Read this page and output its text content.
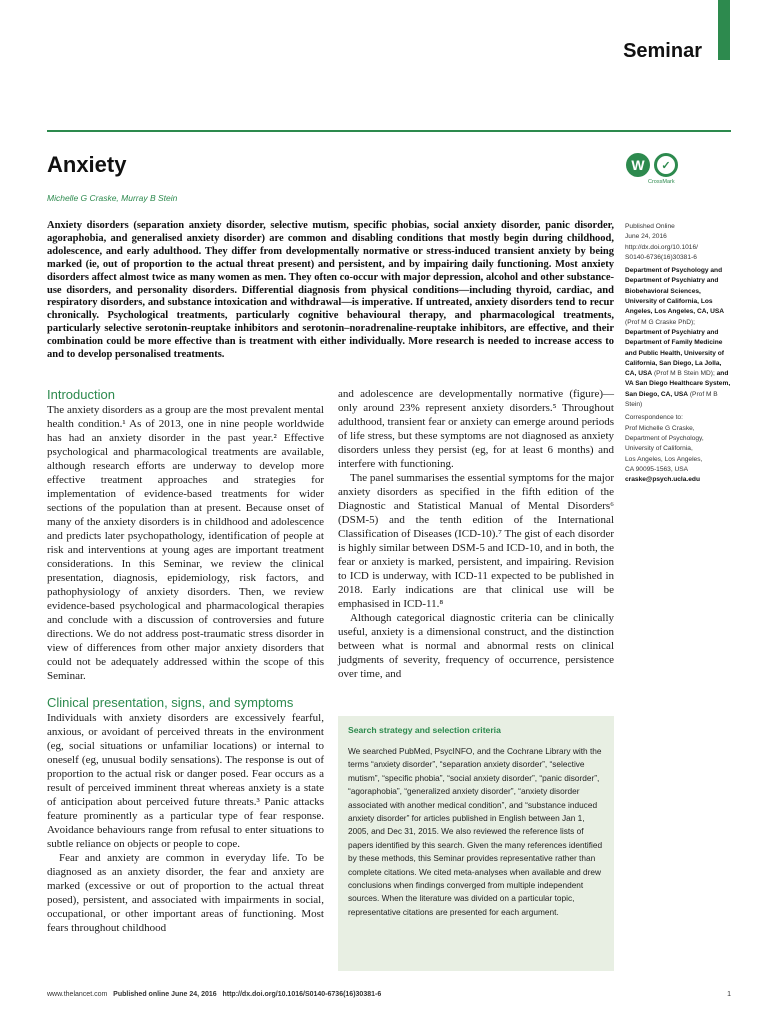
Seminar
Anxiety	W	✓
CrossMark
Michelle G Craske, Murray B Stein

Anxiety disorders (separation anxiety disorder, selective mutism, specific phobias, social anxiety disorder, panic disorder, agoraphobia, and generalised anxiety disorder) are common and disabling conditions that mostly begin during childhood, adolescence, and early adulthood. They differ from developmentally normative or stress-induced transient anxiety by being marked (ie, out of proportion to the actual threat present) and persistent, and by impairing daily functioning. Most anxiety disorders affect almost twice as many women as men. They often co-occur with major depression, alcohol and other substance-use disorders, and personality disorders. Differential diagnosis from physical conditions—including thyroid, cardiac, and respiratory disorders, and substance intoxication and withdrawal—is imperative. If untreated, anxiety disorders tend to recur chronically. Psychological treatments, particularly cognitive behavioural therapy, and pharmacological treatments, particularly selective serotonin-reuptake inhibitors and serotonin–noradrenaline-reuptake inhibitors, are effective, and their combination could be more effective than is treatment with either individually. More research is needed to increase access to and to develop personalised treatments.

Published Online
June 24, 2016
http://dx.doi.org/10.1016/
S0140-6736(16)30381-6
Department of Psychology and Department of Psychiatry and Biobehavioral Sciences, University of California, Los Angeles, Los Angeles, CA, USA (Prof M G Craske PhD); Department of Psychiatry and Department of Family Medicine and Public Health, University of California, San Diego, La Jolla, CA, USA (Prof M B Stein MD); and VA San Diego Healthcare System, San Diego, CA, USA (Prof M B Stein)
Correspondence to:
Prof Michelle G Craske,
Department of Psychology,
University of California,
Los Angeles, Los Angeles,
CA 90095-1563, USA
craske@psych.ucla.edu
Introduction

The anxiety disorders as a group are the most prevalent mental health condition.¹ As of 2013, one in nine people worldwide has had an anxiety disorder in the past year.² Effective psychological and pharmacological treatments are available, although research efforts are underway to develop more effective treatment approaches and strategies for implementation of evidence-based treatments for wider sections of the population than at present. Because onset of many of the anxiety disorders is in childhood and adolescence and predicts later psychopathology, identification of people at risk and interventions at young ages are important treatment considerations. In this Seminar, we review the clinical presentation, diagnosis, epidemiology, risk factors, and pathophysiology of anxiety disorders. Then, we review evidence-based psychological and pharmacological therapies and conclude with a discussion of controversies and future directions. We do not address post-traumatic stress disorder in view of differences from other major anxiety disorders that could not be adequately addressed within the scope of this Seminar.

Clinical presentation, signs, and symptoms

Individuals with anxiety disorders are excessively fearful, anxious, or avoidant of perceived threats in the environment (eg, social situations or unfamiliar locations) or internal to oneself (eg, unusual bodily sensations). The response is out of proportion to the actual risk or danger posed. Fear occurs as a result of perceived imminent threat whereas anxiety is a state of anticipation about perceived future threats.³ Panic attacks feature prominently as a particular type of fear response. Avoidance behaviours range from refusal to enter situations to subtle reliance on objects or people to cope.

Fear and anxiety are common in everyday life. To be diagnosed as an anxiety disorder, the fear and anxiety are marked (excessive or out of proportion to the actual threat posed), persistent, and associated with impairments in social, occupational, or other important areas of functioning. Most fears throughout childhood

and adolescence are developmentally normative (figure)—only around 23% represent anxiety disorders.⁵ Throughout adulthood, transient fear or anxiety can emerge around periods of life stress, but these symptoms are not diagnosed as anxiety disorders unless they persist (eg, for at least 6 months) and interfere with functioning.

The panel summarises the essential symptoms for the major anxiety disorders as specified in the fifth edition of the Diagnostic and Statistical Manual of Mental Disorders⁶ (DSM-5) and the tenth edition of the International Classification of Diseases (ICD-10).⁷ The gist of each disorder is highly similar between DSM-5 and ICD-10, and in both, the fear or anxiety is marked, persistent, and impairing. Revision to ICD is underway, with ICD-11 expected to be published in 2018. Early indications are that clinical use will be emphasised in ICD-11.⁸

Although categorical diagnostic criteria can be clinically useful, anxiety is a dimensional construct, and the distinction between what is normal and abnormal rests on clinical judgments of severity, frequency of occurrence, persistence over time, and

Search strategy and selection criteria
We searched PubMed, PsycINFO, and the Cochrane Library with the terms “anxiety disorder”, “separation anxiety disorder”, “selective mutism”, “specific phobia”, “social anxiety disorder”, “panic disorder”, “agoraphobia”, “generalized anxiety disorder”, “anxiety disorder associated with another medical condition”, and “substance induced anxiety disorder” for articles published in English between Jan 1, 2005, and Dec 31, 2015. We also reviewed the reference lists of papers identified by this search. Given the many references identified by these methods, this Seminar provides representative rather than complete citations. We cited meta-analyses when available and drew conclusions when findings converged from multiple independent sources. When the literature was divided on a particular topic, representative citations are presented for each argument.
www.thelancet.com Published online June 24, 2016 http://dx.doi.org/10.1016/S0140-6736(16)30381-6	1
